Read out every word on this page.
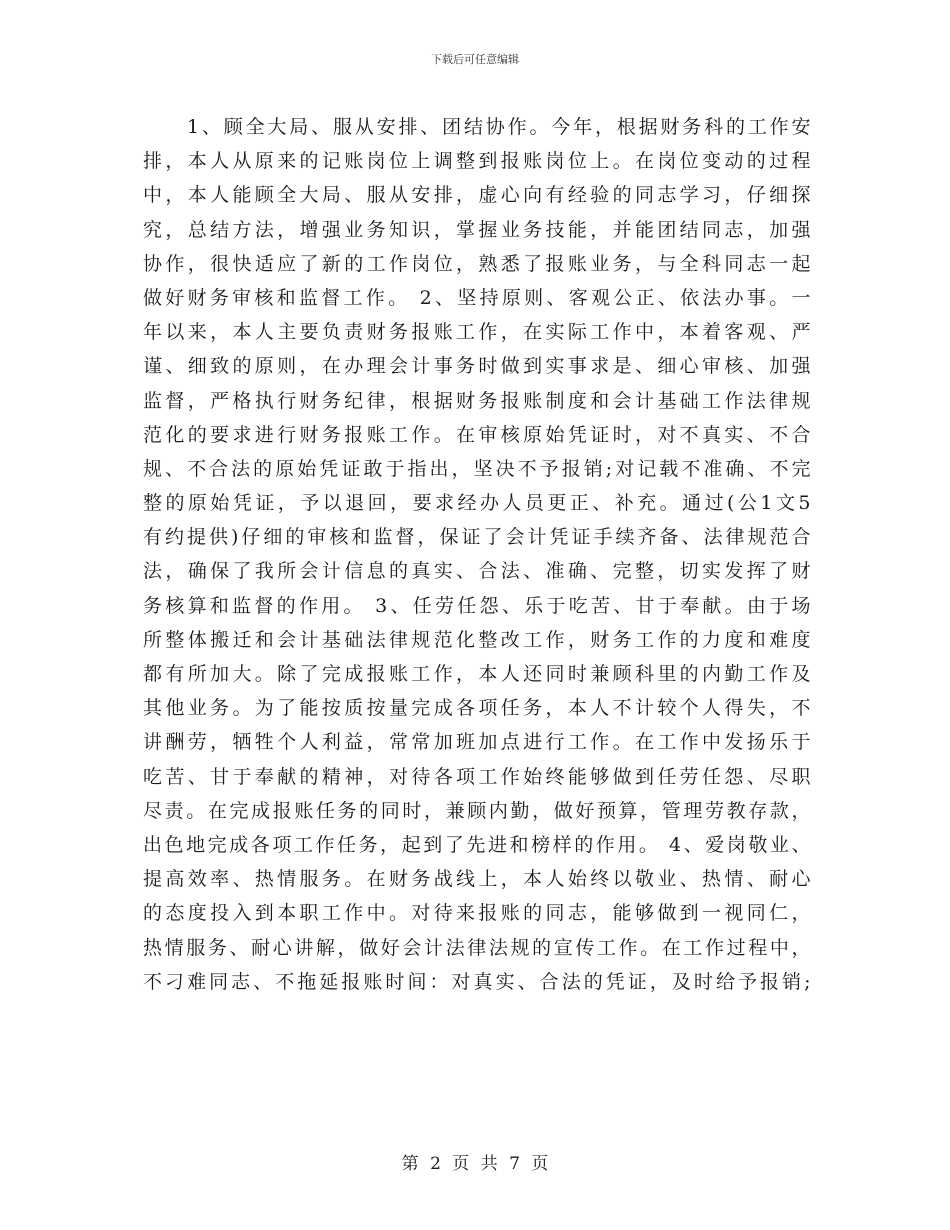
下载后可任意编辑
1、顾全大局、服从安排、团结协作。今年，根据财务科的工作安
排，本人从原来的记账岗位上调整到报账岗位上。在岗位变动的过程
中，本人能顾全大局、服从安排，虚心向有经验的同志学习，仔细探
究，总结方法，增强业务知识，掌握业务技能，并能团结同志，加强
协作，很快适应了新的工作岗位，熟悉了报账业务，与全科同志一起
做好财务审核和监督工作。 2、坚持原则、客观公正、依法办事。一
年以来，本人主要负责财务报账工作，在实际工作中，本着客观、严
谨、细致的原则，在办理会计事务时做到实事求是、细心审核、加强
监督，严格执行财务纪律，根据财务报账制度和会计基础工作法律规
范化的要求进行财务报账工作。在审核原始凭证时，对不真实、不合
规、不合法的原始凭证敢于指出，坚决不予报销;对记载不准确、不完
整的原始凭证，予以退回，要求经办人员更正、补充。通过(公1文5
有约提供)仔细的审核和监督，保证了会计凭证手续齐备、法律规范合
法，确保了我所会计信息的真实、合法、准确、完整，切实发挥了财
务核算和监督的作用。 3、任劳任怨、乐于吃苦、甘于奉献。由于场
所整体搬迁和会计基础法律规范化整改工作，财务工作的力度和难度
都有所加大。除了完成报账工作，本人还同时兼顾科里的内勤工作及
其他业务。为了能按质按量完成各项任务，本人不计较个人得失，不
讲酬劳，牺牲个人利益，常常加班加点进行工作。在工作中发扬乐于
吃苦、甘于奉献的精神，对待各项工作始终能够做到任劳任怨、尽职
尽责。在完成报账任务的同时，兼顾内勤，做好预算，管理劳教存款，
出色地完成各项工作任务，起到了先进和榜样的作用。 4、爱岗敬业、
提高效率、热情服务。在财务战线上，本人始终以敬业、热情、耐心
的态度投入到本职工作中。对待来报账的同志，能够做到一视同仁，
热情服务、耐心讲解，做好会计法律法规的宣传工作。在工作过程中，
不刁难同志、不拖延报账时间：对真实、合法的凭证，及时给予报销;
第 2 页 共 7 页
